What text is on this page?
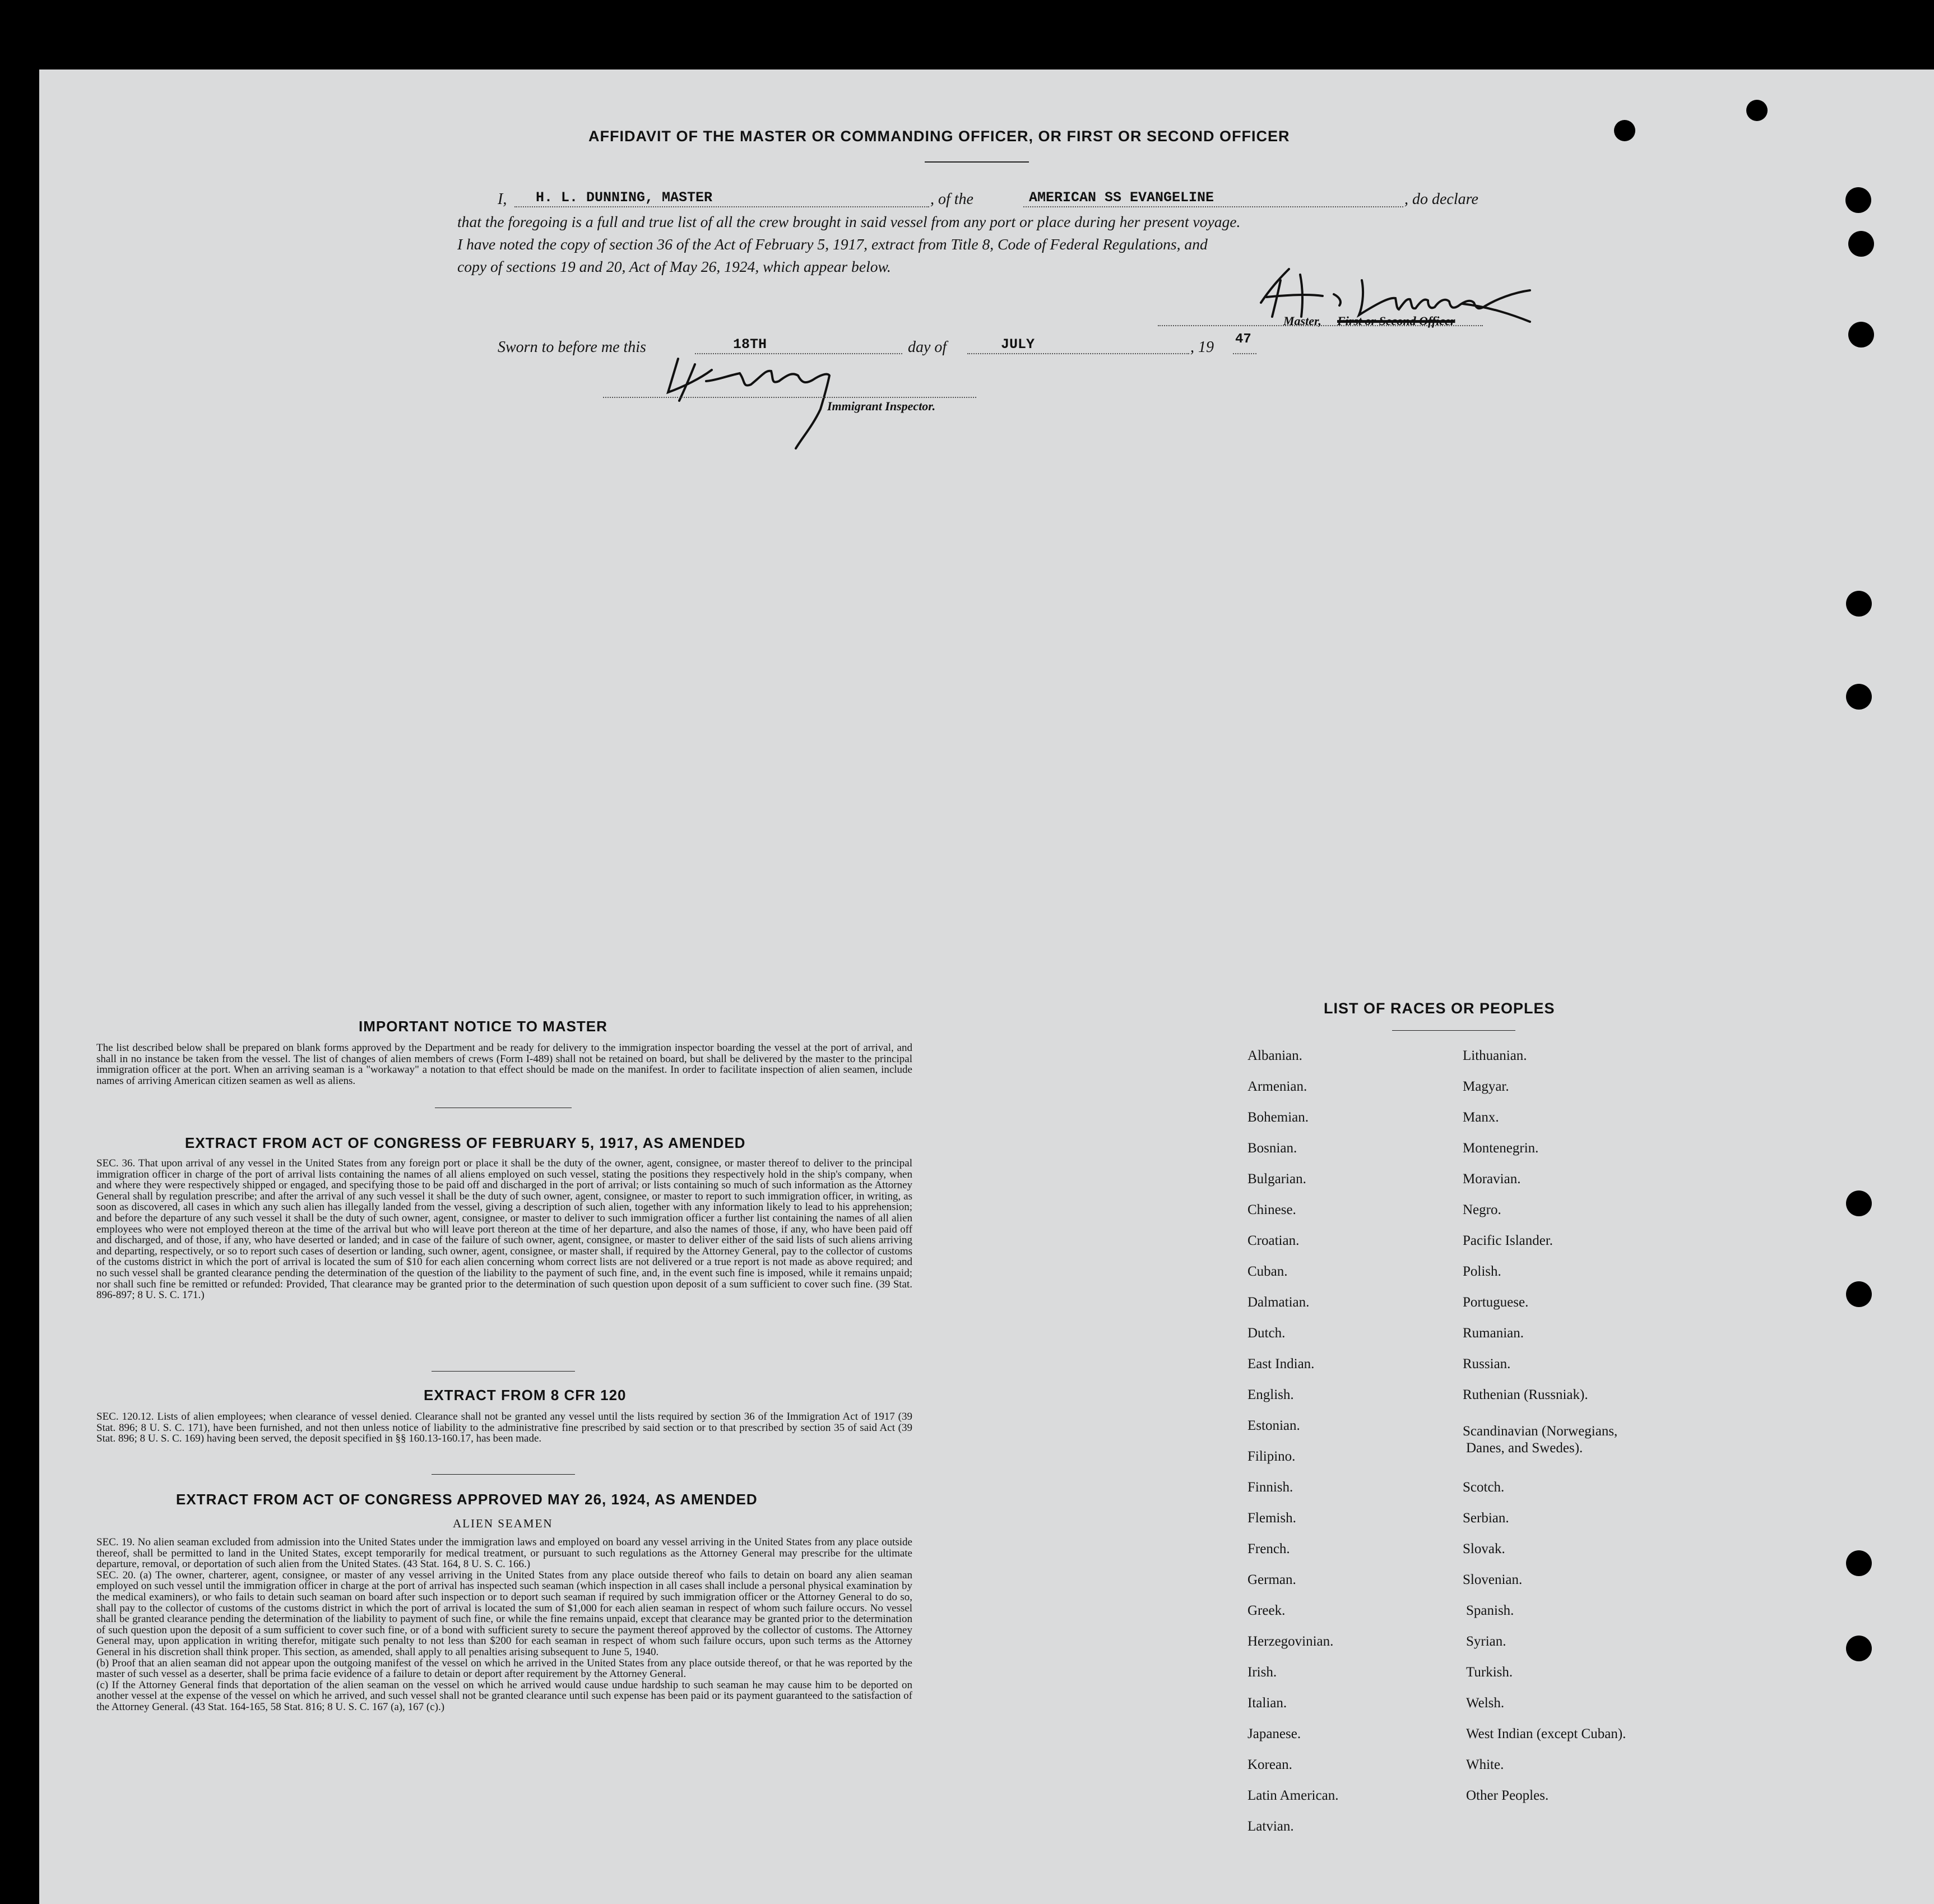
AFFIDAVIT OF THE MASTER OR COMMANDING OFFICER, OR FIRST OR SECOND OFFICER
I, H. L. DUNNING, MASTER	, of the	AMERICAN SS EVANGELINE	, do declare
that the foregoing is a full and true list of all the crew brought in said vessel from any port or place during her present voyage.
I have noted the copy of section 36 of the Act of February 5, 1917, extract from Title 8, Code of Federal Regulations, and
copy of sections 19 and 20, Act of May 26, 1924, which appear below.
Master, First or Second Officer
Sworn to before me this	18TH	day of	JULY	, 19 47
Immigrant Inspector.
IMPORTANT NOTICE TO MASTER
The list described below shall be prepared on blank forms approved by the Department and be ready for delivery to the immigration inspector boarding the vessel at the port of arrival, and shall in no instance be taken from the vessel. The list of changes of alien members of crews (Form I-489) shall not be retained on board, but shall be delivered by the master to the principal immigration officer at the port. When an arriving seaman is a "workaway" a notation to that effect should be made on the manifest. In order to facilitate inspection of alien seamen, include names of arriving American citizen seamen as well as aliens.
EXTRACT FROM ACT OF CONGRESS OF FEBRUARY 5, 1917, AS AMENDED
SEC. 36. That upon arrival of any vessel in the United States from any foreign port or place it shall be the duty of the owner, agent, consignee, or master thereof to deliver to the principal immigration officer in charge of the port of arrival lists containing the names of all aliens employed on such vessel, stating the positions they respectively hold in the ship's company, when and where they were respectively shipped or engaged, and specifying those to be paid off and discharged in the port of arrival; or lists containing so much of such information as the Attorney General shall by regulation prescribe; and after the arrival of any such vessel it shall be the duty of such owner, agent, consignee, or master to report to such immigration officer, in writing, as soon as discovered, all cases in which any such alien has illegally landed from the vessel, giving a description of such alien, together with any information likely to lead to his apprehension; and before the departure of any such vessel it shall be the duty of such owner, agent, consignee, or master to deliver to such immigration officer a further list containing the names of all alien employees who were not employed thereon at the time of the arrival but who will leave port thereon at the time of her departure, and also the names of those, if any, who have been paid off and discharged, and of those, if any, who have deserted or landed; and in case of the failure of such owner, agent, consignee, or master to deliver either of the said lists of such aliens arriving and departing, respectively, or so to report such cases of desertion or landing, such owner, agent, consignee, or master shall, if required by the Attorney General, pay to the collector of customs of the customs district in which the port of arrival is located the sum of $10 for each alien concerning whom correct lists are not delivered or a true report is not made as above required; and no such vessel shall be granted clearance pending the determination of the question of the liability to the payment of such fine, and, in the event such fine is imposed, while it remains unpaid; nor shall such fine be remitted or refunded: Provided, That clearance may be granted prior to the determination of such question upon deposit of a sum sufficient to cover such fine. (39 Stat. 896-897; 8 U. S. C. 171.)
EXTRACT FROM 8 CFR 120
SEC. 120.12. Lists of alien employees; when clearance of vessel denied. Clearance shall not be granted any vessel until the lists required by section 36 of the Immigration Act of 1917 (39 Stat. 896; 8 U. S. C. 171), have been furnished, and not then unless notice of liability to the administrative fine prescribed by said section or to that prescribed by section 35 of said Act (39 Stat. 896; 8 U. S. C. 169) having been served, the deposit specified in §§ 160.13-160.17, has been made.
EXTRACT FROM ACT OF CONGRESS APPROVED MAY 26, 1924, AS AMENDED
ALIEN SEAMEN
SEC. 19. No alien seaman excluded from admission into the United States under the immigration laws and employed on board any vessel arriving in the United States from any place outside thereof, shall be permitted to land in the United States, except temporarily for medical treatment, or pursuant to such regulations as the Attorney General may prescribe for the ultimate departure, removal, or deportation of such alien from the United States. (43 Stat. 164, 8 U. S. C. 166.)
SEC. 20. (a) The owner, charterer, agent, consignee, or master of any vessel arriving in the United States from any place outside thereof who fails to detain on board any alien seaman employed on such vessel until the immigration officer in charge at the port of arrival has inspected such seaman (which inspection in all cases shall include a personal physical examination by the medical examiners), or who fails to detain such seaman on board after such inspection or to deport such seaman if required by such immigration officer or the Attorney General to do so, shall pay to the collector of customs of the customs district in which the port of arrival is located the sum of $1,000 for each alien seaman in respect of whom such failure occurs. No vessel shall be granted clearance pending the determination of the liability to payment of such fine, or while the fine remains unpaid, except that clearance may be granted prior to the determination of such question upon the deposit of a sum sufficient to cover such fine, or of a bond with sufficient surety to secure the payment thereof approved by the collector of customs. The Attorney General may, upon application in writing therefor, mitigate such penalty to not less than $200 for each seaman in respect of whom such failure occurs, upon such terms as the Attorney General in his discretion shall think proper. This section, as amended, shall apply to all penalties arising subsequent to June 5, 1940.
(b) Proof that an alien seaman did not appear upon the outgoing manifest of the vessel on which he arrived in the United States from any place outside thereof, or that he was reported by the master of such vessel as a deserter, shall be prima facie evidence of a failure to detain or deport after requirement by the Attorney General.
(c) If the Attorney General finds that deportation of the alien seaman on the vessel on which he arrived would cause undue hardship to such seaman he may cause him to be deported on another vessel at the expense of the vessel on which he arrived, and such vessel shall not be granted clearance until such expense has been paid or its payment guaranteed to the satisfaction of the Attorney General. (43 Stat. 164-165, 58 Stat. 816; 8 U. S. C. 167 (a), 167 (c).)
LIST OF RACES OR PEOPLES
Albanian.
Armenian.
Bohemian.
Bosnian.
Bulgarian.
Chinese.
Croatian.
Cuban.
Dalmatian.
Dutch.
East Indian.
English.
Estonian.
Filipino.
Finnish.
Flemish.
French.
German.
Greek.
Herzegovinian.
Irish.
Italian.
Japanese.
Korean.
Latin American.
Latvian.
Lithuanian.
Magyar.
Manx.
Montenegrin.
Moravian.
Negro.
Pacific Islander.
Polish.
Portuguese.
Rumanian.
Russian.
Ruthenian (Russniak).
Scandinavian (Norwegians,
Danes, and Swedes).
Scotch.
Serbian.
Slovak.
Slovenian.
Spanish.
Syrian.
Turkish.
Welsh.
West Indian (except Cuban).
White.
Other Peoples.
